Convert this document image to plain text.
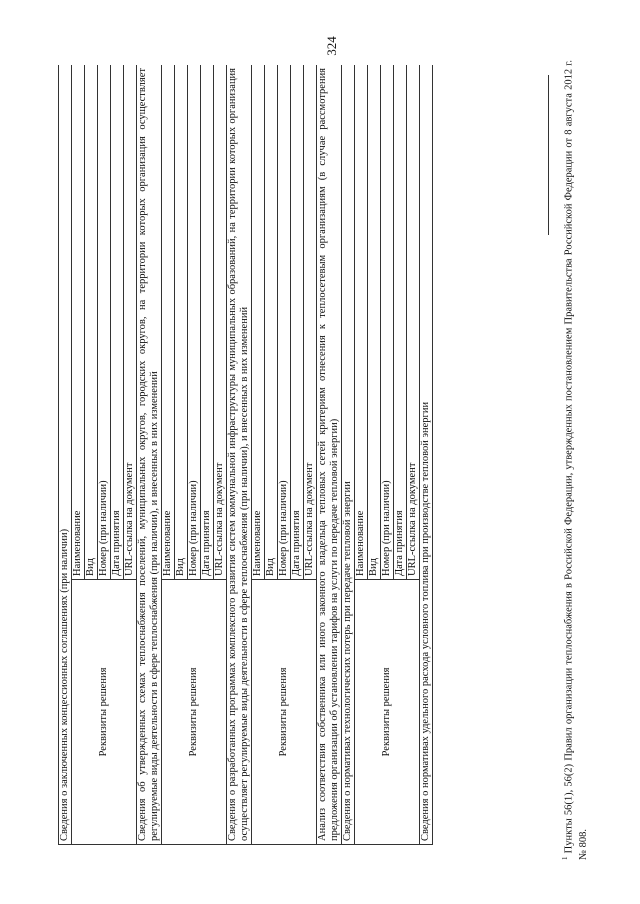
324
Сведения о заключенных концессионных соглашениях (при наличии)	
Реквизиты решения	Наименование
	Вид
	Номер (при наличии)
	Дата принятия
	URL-ссылка на документ
Сведения об утвержденных схемах теплоснабжения поселений, муниципальных округов, городских округов, на территории которых организация осуществляет регулируемые виды деятельности в сфере теплоснабжения (при наличии), и внесенных в них изменений	
Реквизиты решения	Наименование
	Вид
	Номер (при наличии)
	Дата принятия
	URL-ссылка на документ
Сведения о разработанных программах комплексного развития систем коммунальной инфраструктуры муниципальных образований, на территории которых организация осуществляет регулируемые виды деятельности в сфере теплоснабжения (при наличии), и внесенных в них изменений	
Реквизиты решения	Наименование
	Вид
	Номер (при наличии)
	Дата принятия
	URL-ссылка на документ
Анализ соответствия собственника или иного законного владельца тепловых сетей критериям отнесения к теплосетевым организациям (в случае рассмотрения предложения организации об установлении тарифов на услуги по передаче тепловой энергии)	
Сведения о нормативах технологических потерь при передаче тепловой энергии	
Реквизиты решения	Наименование
	Вид
	Номер (при наличии)
	Дата принятия
	URL-ссылка на документ
Сведения о нормативах удельного расхода условного топлива при производстве тепловой энергии	
$^1$ Пункты 56(1), 56(2) Правил организации теплоснабжения в Российской Федерации, утвержденных постановлением Правительства Российской Федерации от 8 августа 2012 г. № 808.
